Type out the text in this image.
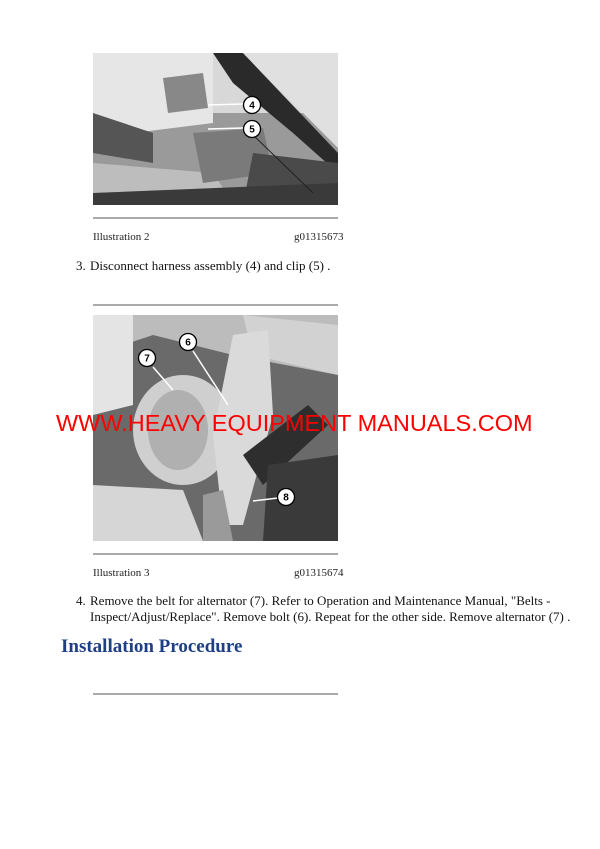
4
5
Illustration 2	g01315673
3. Disconnect harness assembly (4) and clip (5) .
6
7
8
Illustration 3	g01315674
4. Remove the belt for alternator (7). Refer to Operation and Maintenance Manual, "Belts -
Inspect/Adjust/Replace". Remove bolt (6). Repeat for the other side. Remove alternator (7) .
Installation Procedure
WWW.HEAVY EQUIPMENT MANUALS.COM
